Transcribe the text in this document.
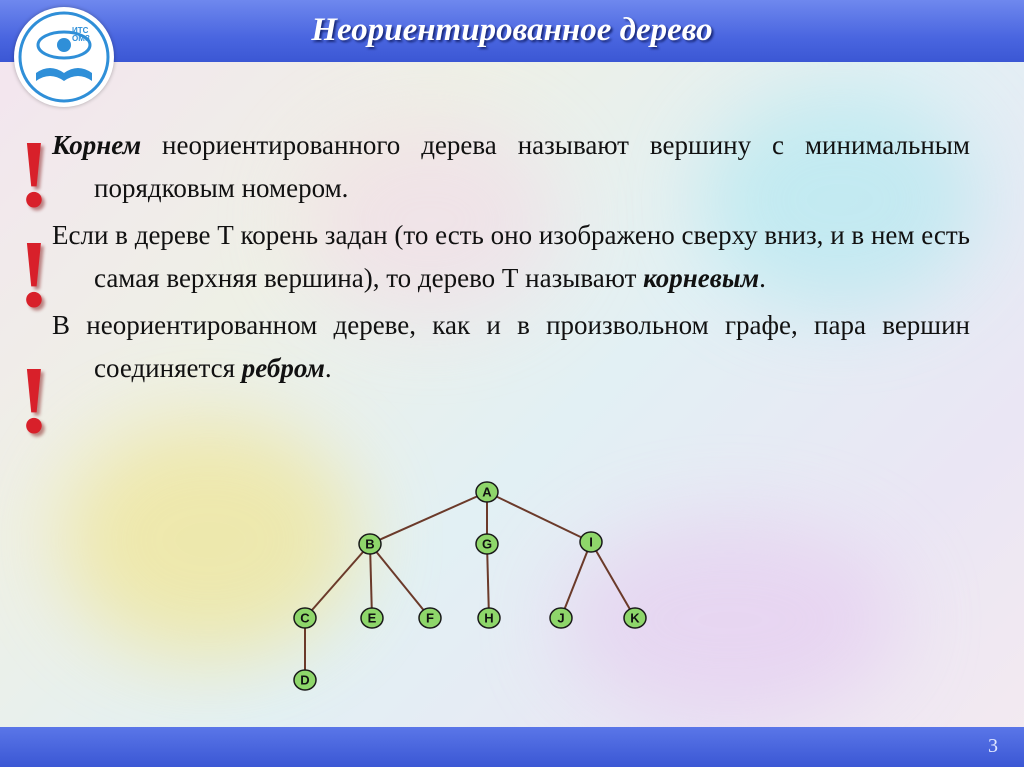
Неориентированное дерево
ИТС
ОМЗ
!
!
!
Корнем неориентированного дерева называют вершину с минимальным порядковым номером.
Если в дереве Т корень задан (то есть оно изображено сверху вниз, и в нем есть самая верхняя вершина), то дерево Т называют корневым.
В неориентированном дереве, как и в произвольном графе, пара вершин соединяется ребром.
A
B	G	I
C	E	F	H	J	K
D
3
